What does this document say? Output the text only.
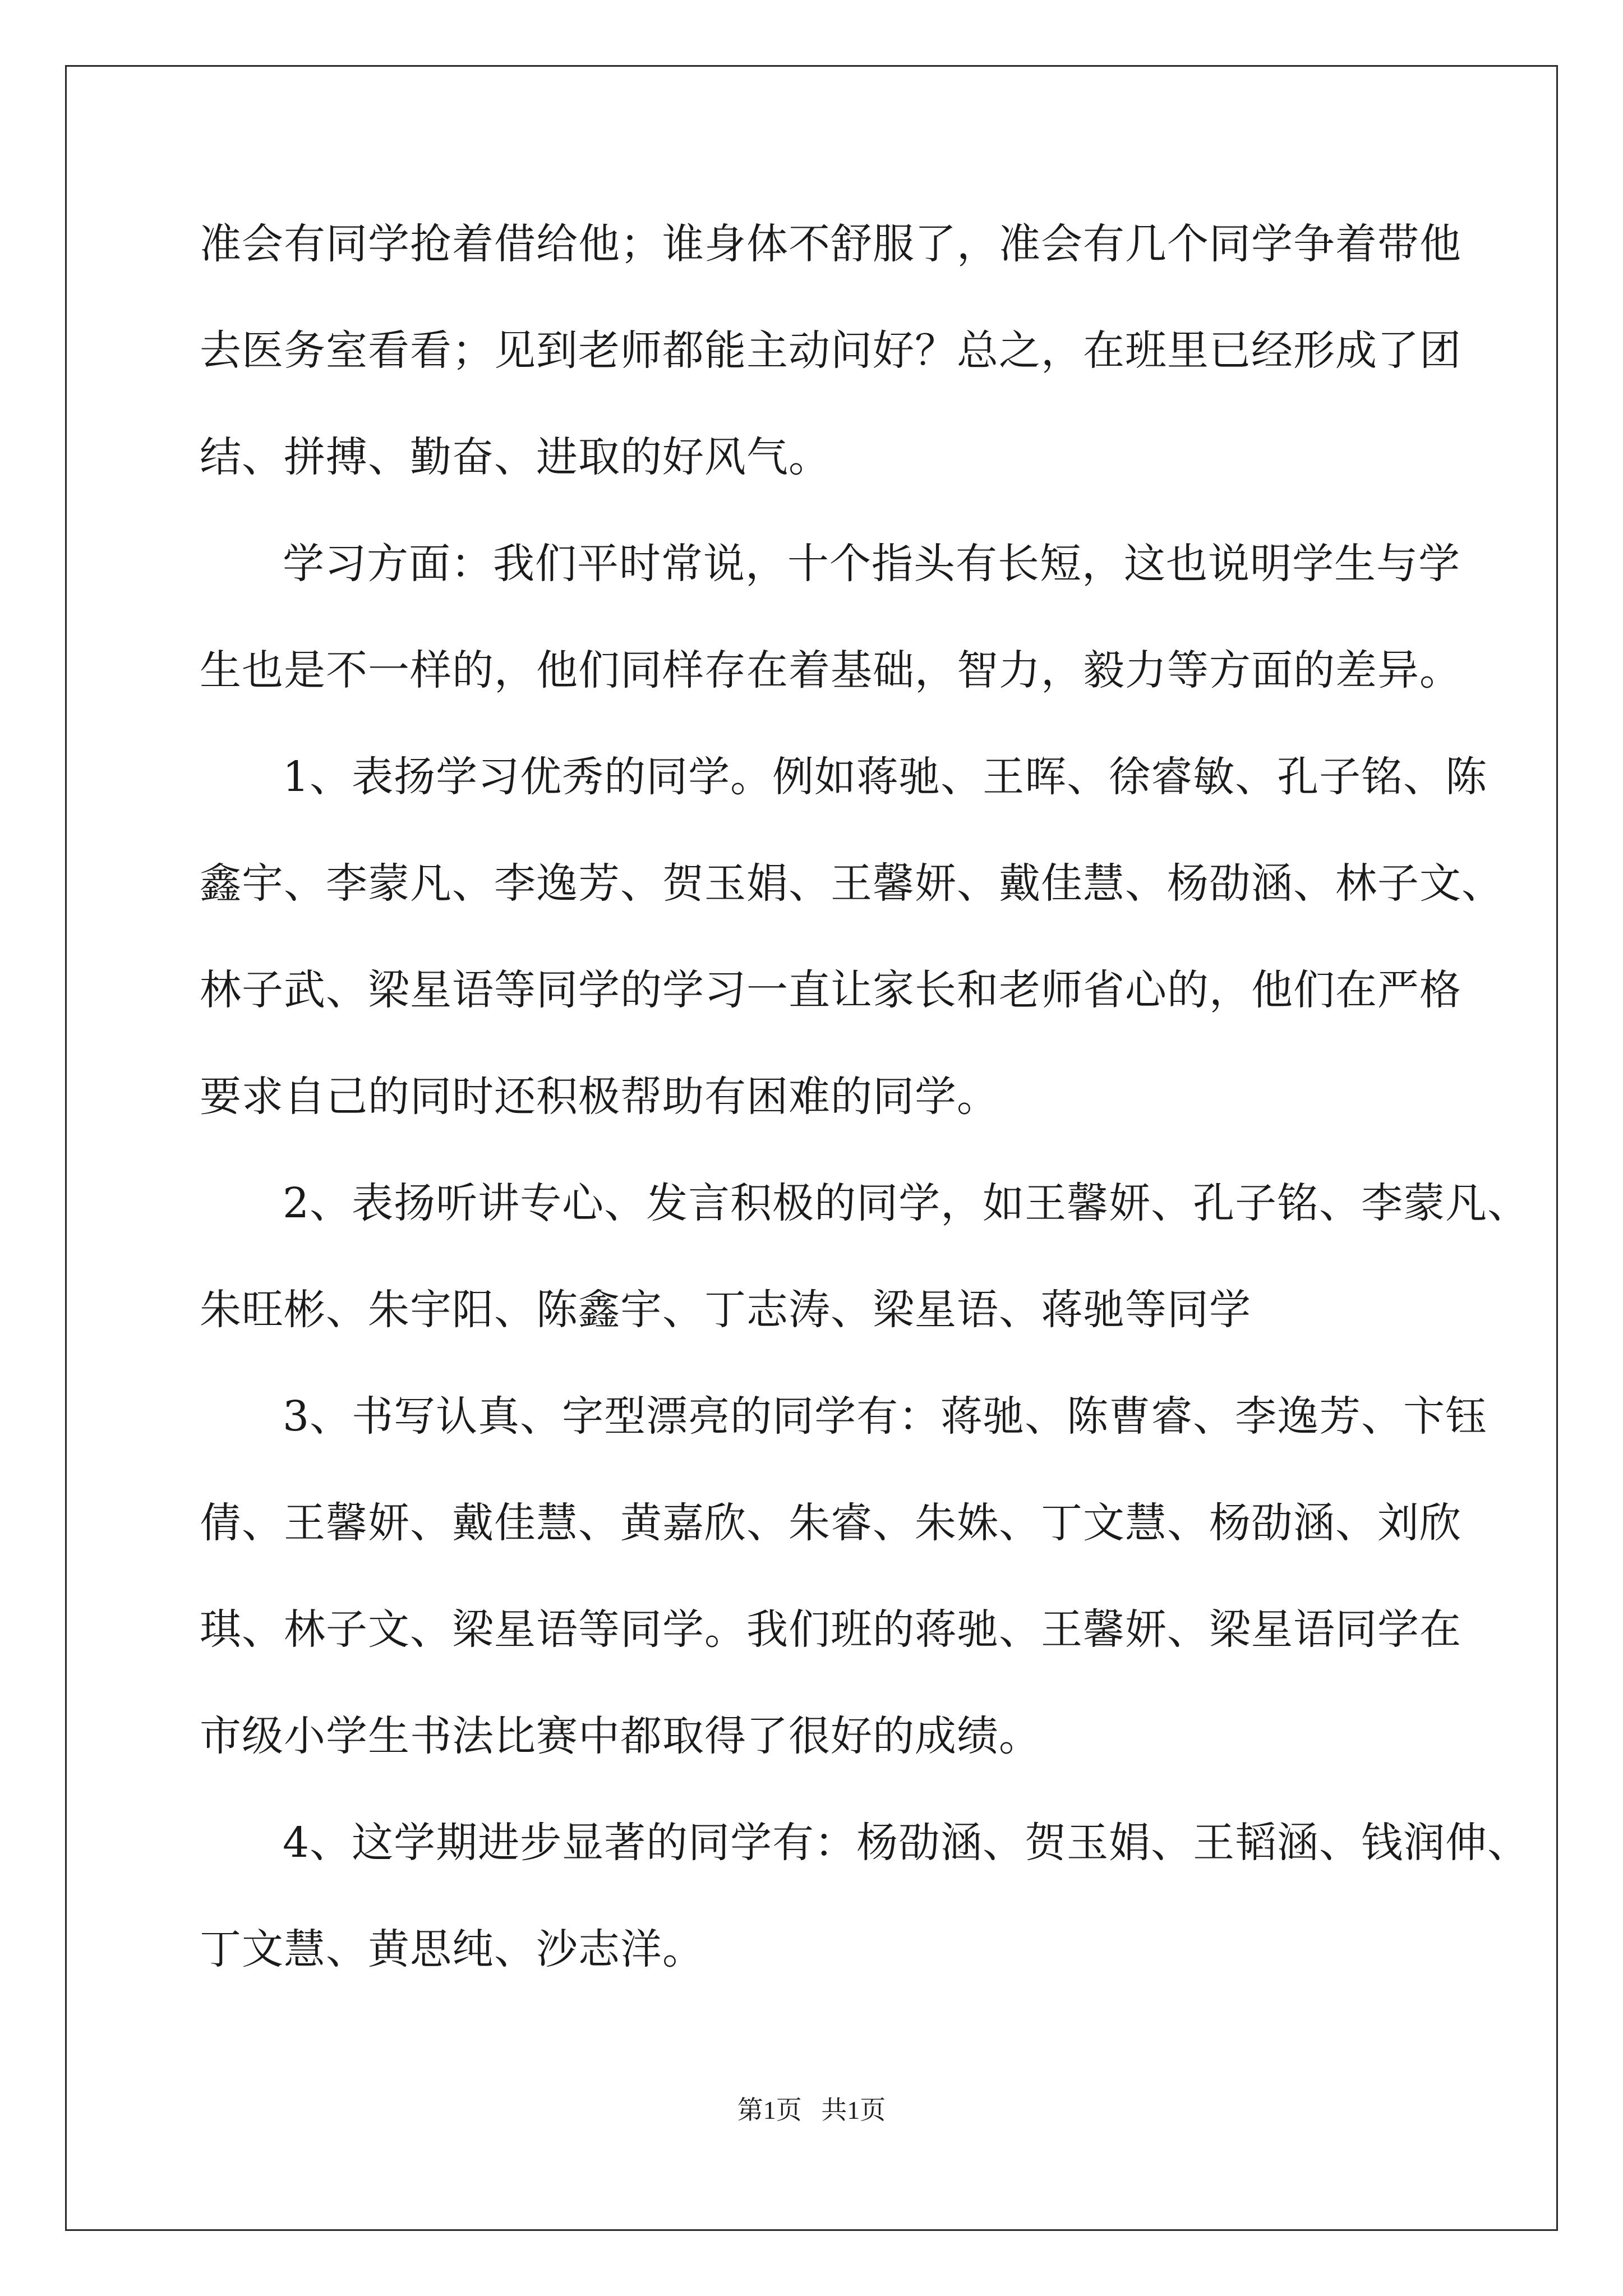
准会有同学抢着借给他；谁身体不舒服了，准会有几个同学争着带他
去医务室看看；见到老师都能主动问好？总之，在班里已经形成了团
结、拼搏、勤奋、进取的好风气。
学习方面：我们平时常说，十个指头有长短，这也说明学生与学
生也是不一样的，他们同样存在着基础，智力，毅力等方面的差异。
1、表扬学习优秀的同学。例如蒋驰、王晖、徐睿敏、孔子铭、陈
鑫宇、李蒙凡、李逸芳、贺玉娟、王馨妍、戴佳慧、杨劭涵、林子文、
林子武、梁星语等同学的学习一直让家长和老师省心的，他们在严格
要求自己的同时还积极帮助有困难的同学。
2、表扬听讲专心、发言积极的同学，如王馨妍、孔子铭、李蒙凡、
朱旺彬、朱宇阳、陈鑫宇、丁志涛、梁星语、蒋驰等同学
3、书写认真、字型漂亮的同学有：蒋驰、陈曹睿、李逸芳、卞钰
倩、王馨妍、戴佳慧、黄嘉欣、朱睿、朱姝、丁文慧、杨劭涵、刘欣
琪、林子文、梁星语等同学。我们班的蒋驰、王馨妍、梁星语同学在
市级小学生书法比赛中都取得了很好的成绩。
4、这学期进步显著的同学有：杨劭涵、贺玉娟、王韬涵、钱润伸、
丁文慧、黄思纯、沙志洋。
第1页   共1页
